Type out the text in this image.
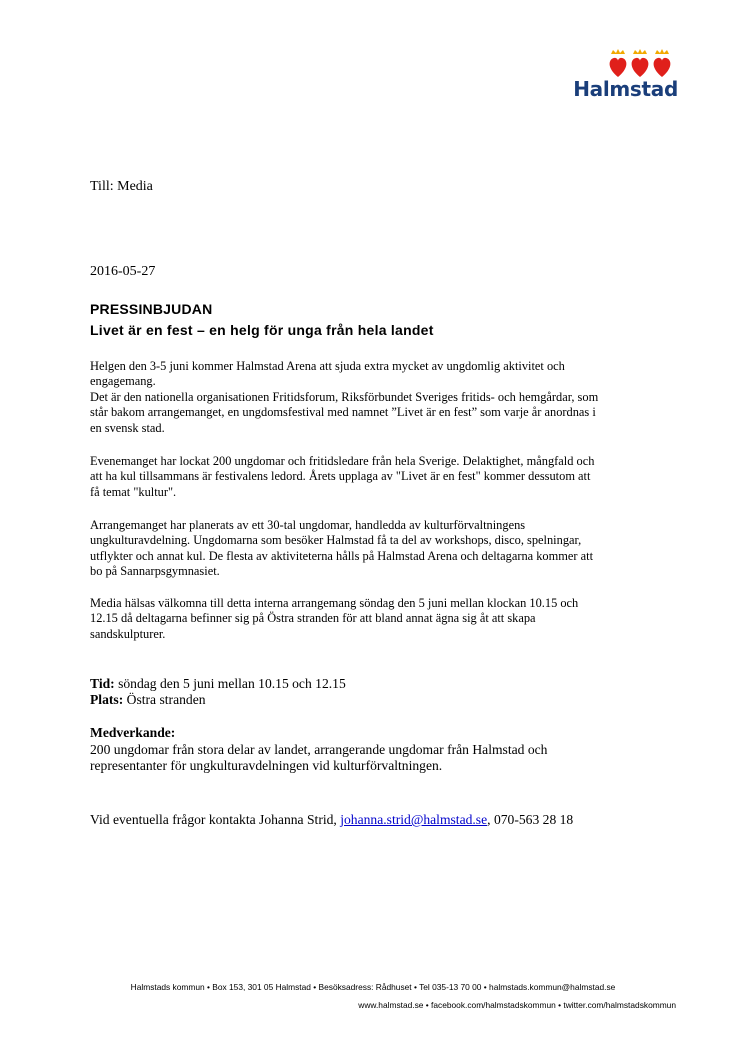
Halmstad
Till: Media
2016-05-27
PRESSINBJUDAN
Livet är en fest – en helg för unga från hela landet
Helgen den 3-5 juni kommer Halmstad Arena att sjuda extra mycket av ungdomlig aktivitet och
engagemang.
Det är den nationella organisationen Fritidsforum, Riksförbundet Sveriges fritids- och hemgårdar, som
står bakom arrangemanget, en ungdomsfestival med namnet ”Livet är en fest” som varje år anordnas i
en svensk stad.
Evenemanget har lockat 200 ungdomar och fritidsledare från hela Sverige. Delaktighet, mångfald och
att ha kul tillsammans är festivalens ledord. Årets upplaga av "Livet är en fest" kommer dessutom att
få temat "kultur".
Arrangemanget har planerats av ett 30-tal ungdomar, handledda av kulturförvaltningens
ungkulturavdelning. Ungdomarna som besöker Halmstad få ta del av workshops, disco, spelningar,
utflykter och annat kul. De flesta av aktiviteterna hålls på Halmstad Arena och deltagarna kommer att
bo på Sannarpsgymnasiet.
Media hälsas välkomna till detta interna arrangemang söndag den 5 juni mellan klockan 10.15 och
12.15 då deltagarna befinner sig på Östra stranden för att bland annat ägna sig åt att skapa
sandskulpturer.
Tid: söndag den 5 juni mellan 10.15 och 12.15
Plats: Östra stranden
Medverkande:
200 ungdomar från stora delar av landet, arrangerande ungdomar från Halmstad och
representanter för ungkulturavdelningen vid kulturförvaltningen.
Vid eventuella frågor kontakta Johanna Strid, johanna.strid@halmstad.se, 070-563 28 18
Halmstads kommun • Box 153, 301 05 Halmstad • Besöksadress: Rådhuset • Tel 035-13 70 00 • halmstads.kommun@halmstad.se
www.halmstad.se • facebook.com/halmstadskommun • twitter.com/halmstadskommun
